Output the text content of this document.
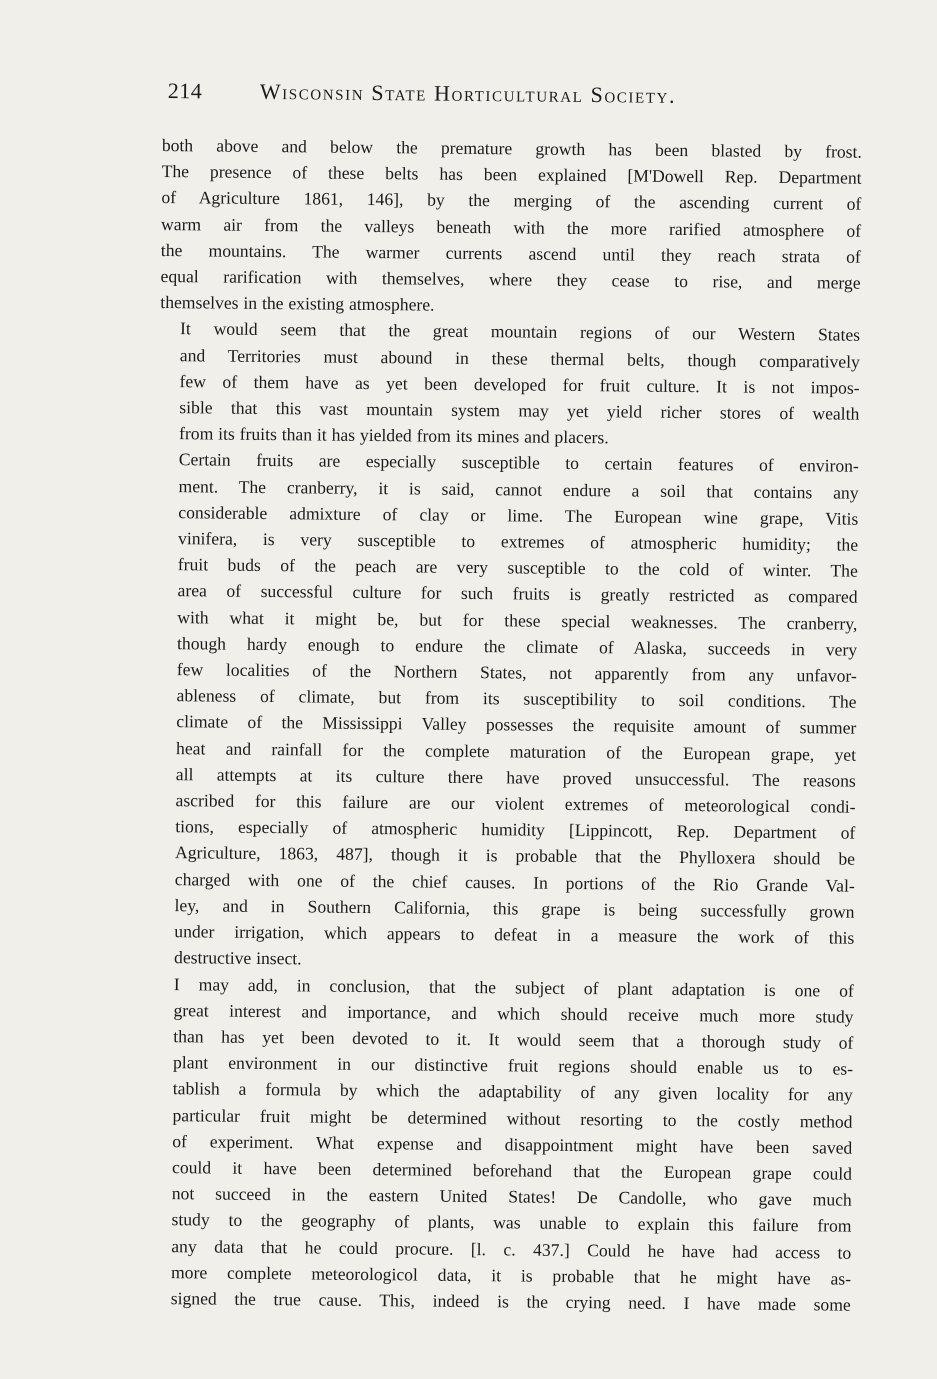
214	Wisconsin State Horticultural Society.
both above and below the premature growth has been blasted by frost.
The presence of these belts has been explained [M'Dowell Rep. Department
of Agriculture 1861, 146], by the merging of the ascending current of
warm air from the valleys beneath with the more rarified atmosphere of
the mountains. The warmer currents ascend until they reach strata of
equal rarification with themselves, where they cease to rise, and merge
themselves in the existing atmosphere.
It would seem that the great mountain regions of our Western States
and Territories must abound in these thermal belts, though comparatively
few of them have as yet been developed for fruit culture. It is not impos-
sible that this vast mountain system may yet yield richer stores of wealth
from its fruits than it has yielded from its mines and placers.
Certain fruits are especially susceptible to certain features of environ-
ment. The cranberry, it is said, cannot endure a soil that contains any
considerable admixture of clay or lime. The European wine grape, Vitis
vinifera, is very susceptible to extremes of atmospheric humidity; the
fruit buds of the peach are very susceptible to the cold of winter. The
area of successful culture for such fruits is greatly restricted as compared
with what it might be, but for these special weaknesses. The cranberry,
though hardy enough to endure the climate of Alaska, succeeds in very
few localities of the Northern States, not apparently from any unfavor-
ableness of climate, but from its susceptibility to soil conditions. The
climate of the Mississippi Valley possesses the requisite amount of summer
heat and rainfall for the complete maturation of the European grape, yet
all attempts at its culture there have proved unsuccessful. The reasons
ascribed for this failure are our violent extremes of meteorological condi-
tions, especially of atmospheric humidity [Lippincott, Rep. Department of
Agriculture, 1863, 487], though it is probable that the Phylloxera should be
charged with one of the chief causes. In portions of the Rio Grande Val-
ley, and in Southern California, this grape is being successfully grown
under irrigation, which appears to defeat in a measure the work of this
destructive insect.
I may add, in conclusion, that the subject of plant adaptation is one of
great interest and importance, and which should receive much more study
than has yet been devoted to it. It would seem that a thorough study of
plant environment in our distinctive fruit regions should enable us to es-
tablish a formula by which the adaptability of any given locality for any
particular fruit might be determined without resorting to the costly method
of experiment. What expense and disappointment might have been saved
could it have been determined beforehand that the European grape could
not succeed in the eastern United States! De Candolle, who gave much
study to the geography of plants, was unable to explain this failure from
any data that he could procure. [l. c. 437.] Could he have had access to
more complete meteorologicol data, it is probable that he might have as-
signed the true cause. This, indeed is the crying need. I have made some
